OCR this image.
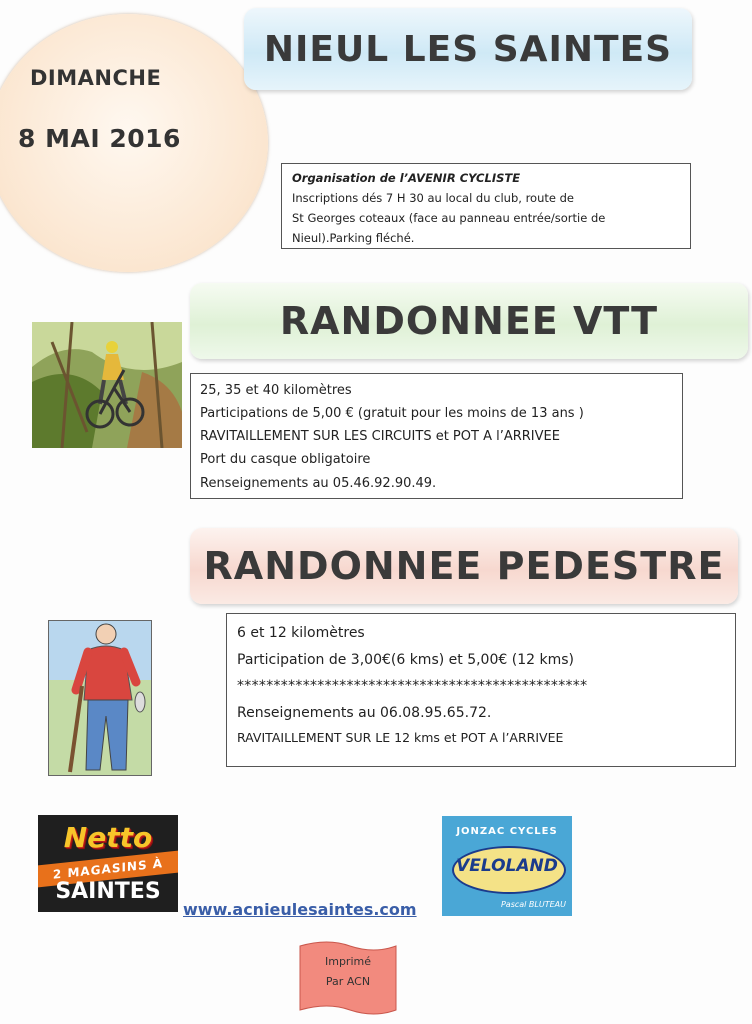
DIMANCHE
8 MAI 2016
NIEUL LES SAINTES
Organisation de l’AVENIR CYCLISTE
Inscriptions dés 7 H 30 au local du club, route de
St Georges coteaux (face au panneau entrée/sortie de
Nieul).Parking fléché.
RANDONNEE VTT
25, 35 et 40 kilomètres
Participations de 5,00 € (gratuit pour les moins de 13 ans )
RAVITAILLEMENT SUR LES CIRCUITS et POT A l’ARRIVEE
Port du casque obligatoire
Renseignements au 05.46.92.90.49.
RANDONNEE PEDESTRE
6 et 12 kilomètres
Participation de 3,00€(6 kms) et 5,00€ (12 kms)
************************************************
Renseignements au 06.08.95.65.72.
RAVITAILLEMENT SUR LE 12 kms et POT A l’ARRIVEE
Netto
2 MAGASINS À
SAINTES
JONZAC CYCLES
VELOLAND
Pascal BLUTEAU
www.acnieulesaintes.com
Imprimé
Par ACN
